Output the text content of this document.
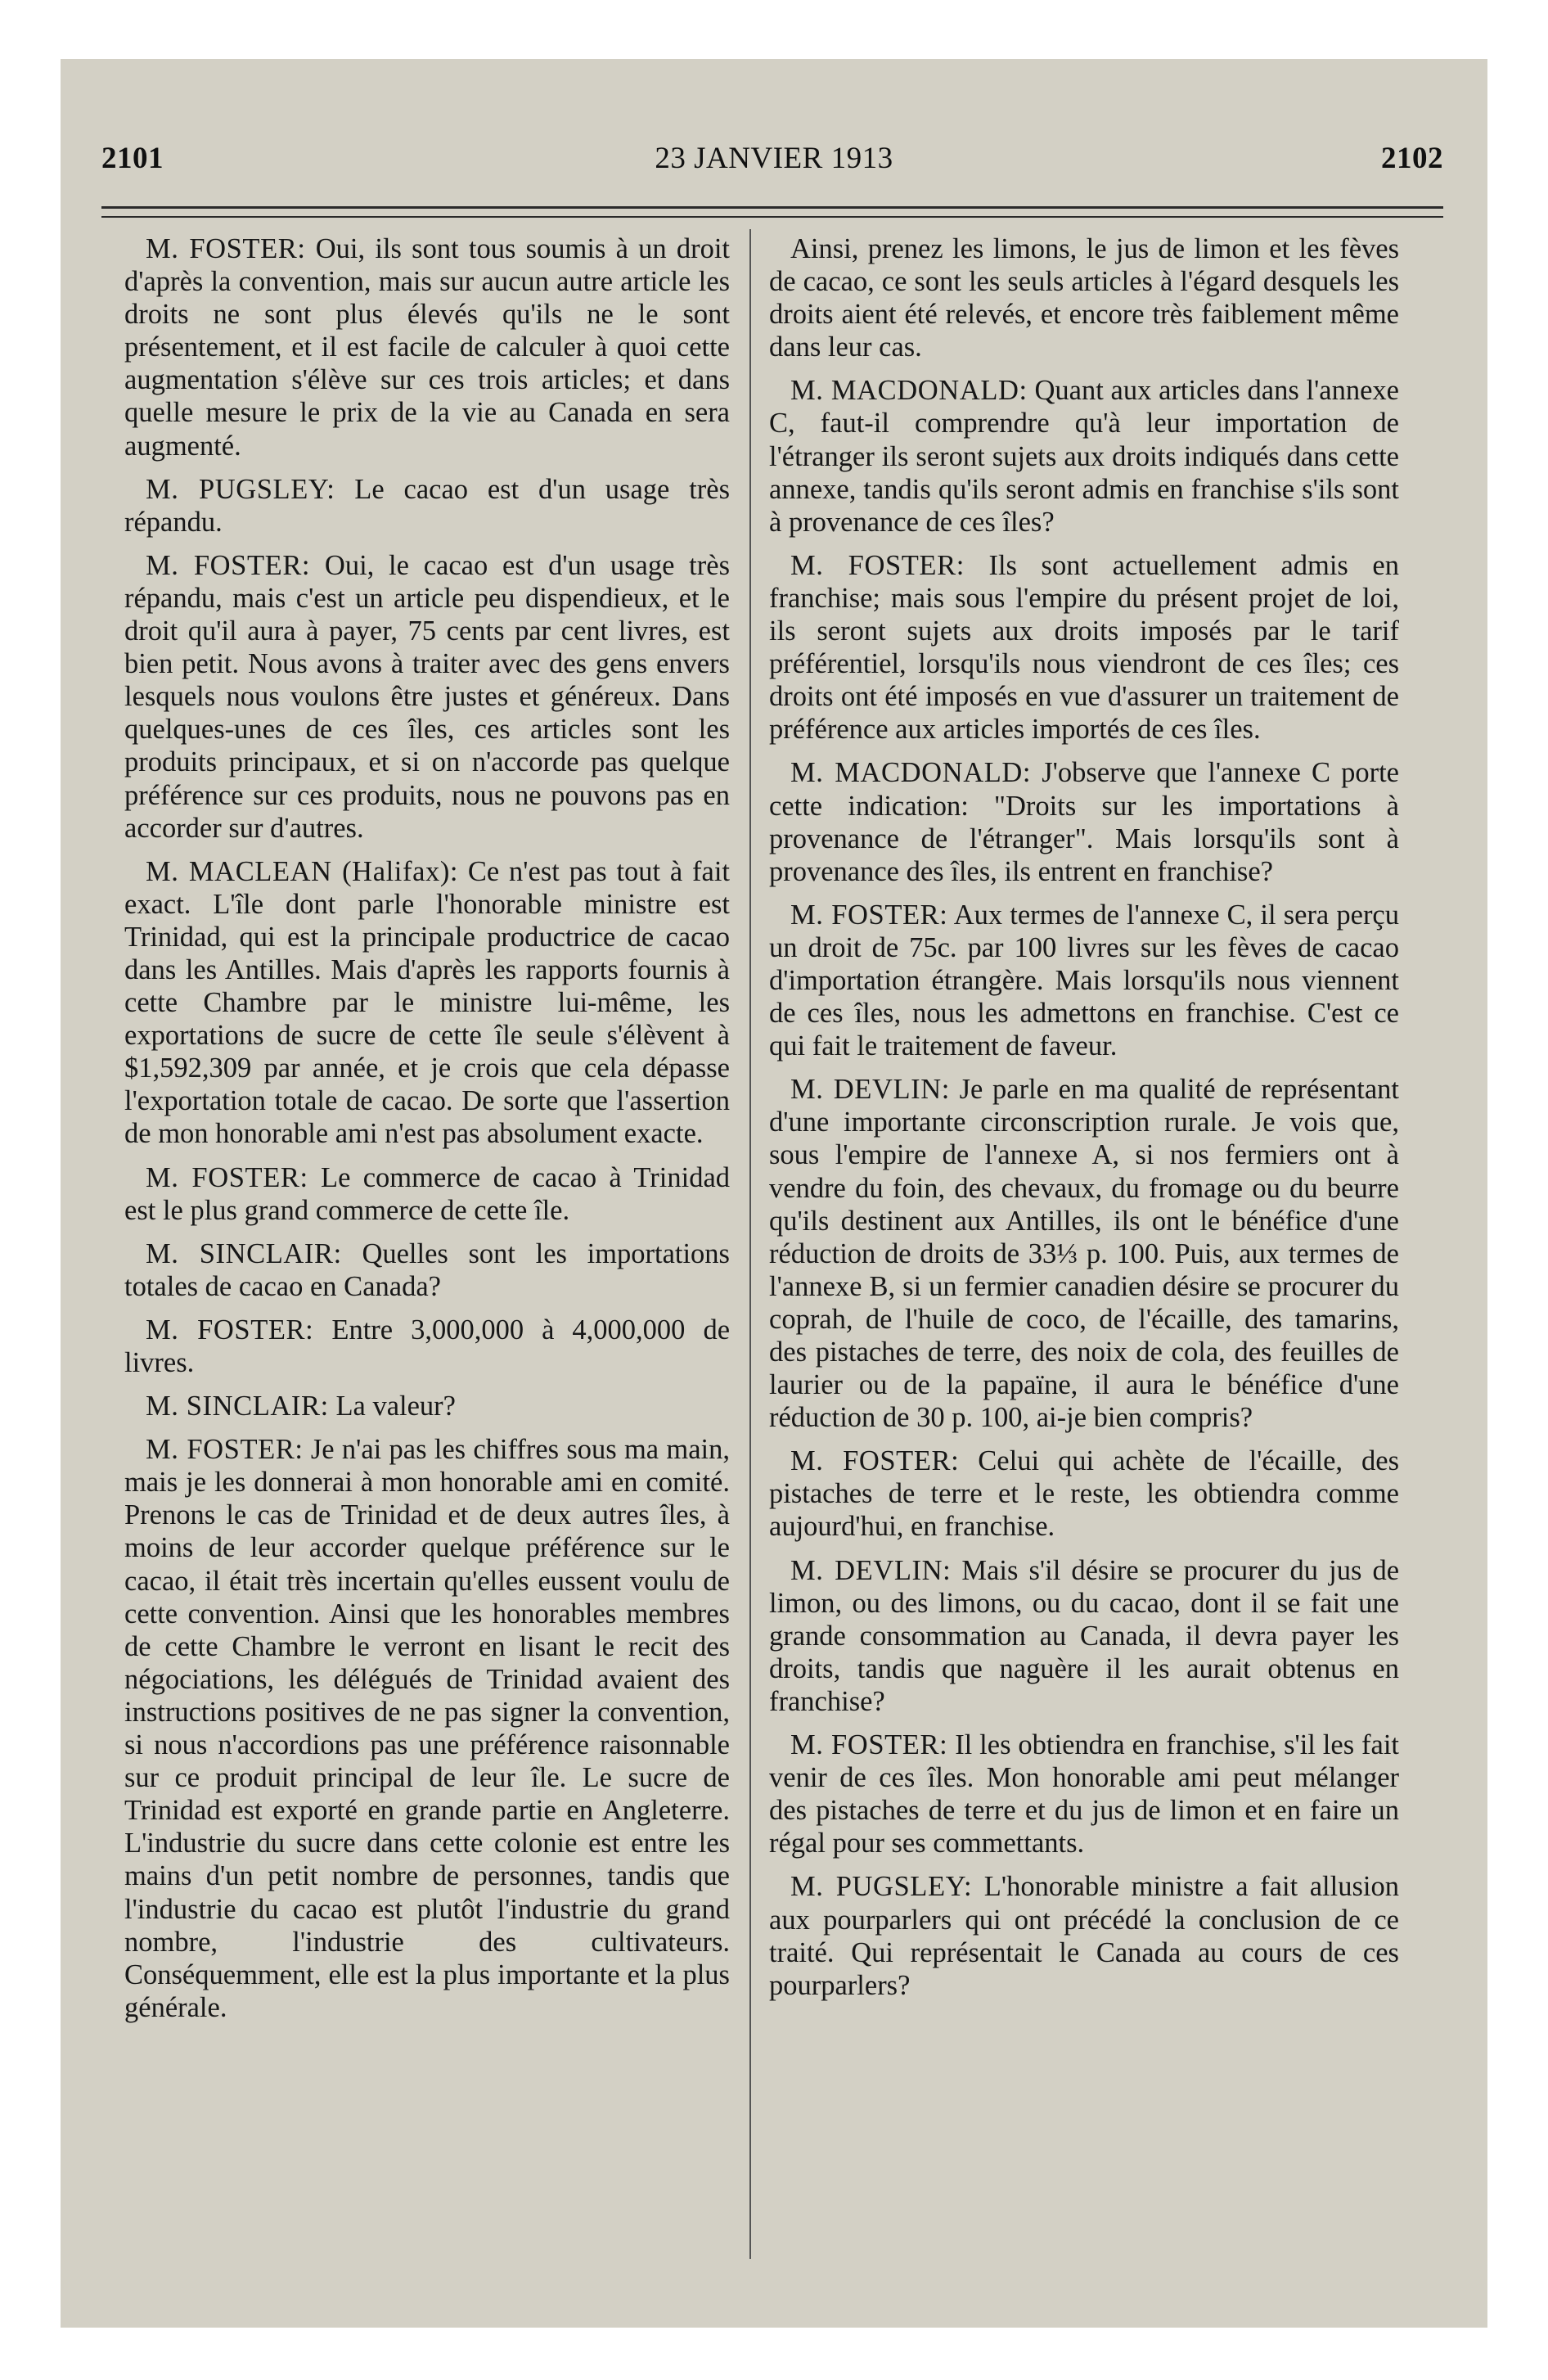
2101	23 JANVIER 1913	2102

M. FOSTER: Oui, ils sont tous soumis à un droit d'après la convention, mais sur aucun autre article les droits ne sont plus élevés qu'ils ne le sont présentement, et il est facile de calculer à quoi cette augmentation s'élève sur ces trois articles; et dans quelle mesure le prix de la vie au Canada en sera augmenté.

M. PUGSLEY: Le cacao est d'un usage très répandu.

M. FOSTER: Oui, le cacao est d'un usage très répandu, mais c'est un article peu dispendieux, et le droit qu'il aura à payer, 75 cents par cent livres, est bien petit. Nous avons à traiter avec des gens envers lesquels nous voulons être justes et généreux. Dans quelques-unes de ces îles, ces articles sont les produits principaux, et si on n'accorde pas quelque préférence sur ces produits, nous ne pouvons pas en accorder sur d'autres.

M. MACLEAN (Halifax): Ce n'est pas tout à fait exact. L'île dont parle l'honorable ministre est Trinidad, qui est la principale productrice de cacao dans les Antilles. Mais d'après les rapports fournis à cette Chambre par le ministre lui-même, les exportations de sucre de cette île seule s'élèvent à $1,592,309 par année, et je crois que cela dépasse l'exportation totale de cacao. De sorte que l'assertion de mon honorable ami n'est pas absolument exacte.

M. FOSTER: Le commerce de cacao à Trinidad est le plus grand commerce de cette île.

M. SINCLAIR: Quelles sont les importations totales de cacao en Canada?

M. FOSTER: Entre 3,000,000 à 4,000,000 de livres.

M. SINCLAIR: La valeur?

M. FOSTER: Je n'ai pas les chiffres sous ma main, mais je les donnerai à mon honorable ami en comité. Prenons le cas de Trinidad et de deux autres îles, à moins de leur accorder quelque préférence sur le cacao, il était très incertain qu'elles eussent voulu de cette convention. Ainsi que les honorables membres de cette Chambre le verront en lisant le recit des négociations, les délégués de Trinidad avaient des instructions positives de ne pas signer la convention, si nous n'accordions pas une préférence raisonnable sur ce produit principal de leur île. Le sucre de Trinidad est exporté en grande partie en Angleterre. L'industrie du sucre dans cette colonie est entre les mains d'un petit nombre de personnes, tandis que l'industrie du cacao est plutôt l'industrie du grand nombre, l'industrie des cultivateurs. Conséquemment, elle est la plus importante et la plus générale.

Ainsi, prenez les limons, le jus de limon et les fèves de cacao, ce sont les seuls articles à l'égard desquels les droits aient été relevés, et encore très faiblement même dans leur cas.

M. MACDONALD: Quant aux articles dans l'annexe C, faut-il comprendre qu'à leur importation de l'étranger ils seront sujets aux droits indiqués dans cette annexe, tandis qu'ils seront admis en franchise s'ils sont à provenance de ces îles?

M. FOSTER: Ils sont actuellement admis en franchise; mais sous l'empire du présent projet de loi, ils seront sujets aux droits imposés par le tarif préférentiel, lorsqu'ils nous viendront de ces îles; ces droits ont été imposés en vue d'assurer un traitement de préférence aux articles importés de ces îles.

M. MACDONALD: J'observe que l'annexe C porte cette indication: "Droits sur les importations à provenance de l'étranger". Mais lorsqu'ils sont à provenance des îles, ils entrent en franchise?

M. FOSTER: Aux termes de l'annexe C, il sera perçu un droit de 75c. par 100 livres sur les fèves de cacao d'importation étrangère. Mais lorsqu'ils nous viennent de ces îles, nous les admettons en franchise. C'est ce qui fait le traitement de faveur.

M. DEVLIN: Je parle en ma qualité de représentant d'une importante circonscription rurale. Je vois que, sous l'empire de l'annexe A, si nos fermiers ont à vendre du foin, des chevaux, du fromage ou du beurre qu'ils destinent aux Antilles, ils ont le bénéfice d'une réduction de droits de 33⅓ p. 100. Puis, aux termes de l'annexe B, si un fermier canadien désire se procurer du coprah, de l'huile de coco, de l'écaille, des tamarins, des pistaches de terre, des noix de cola, des feuilles de laurier ou de la papaïne, il aura le bénéfice d'une réduction de 30 p. 100, ai-je bien compris?

M. FOSTER: Celui qui achète de l'écaille, des pistaches de terre et le reste, les obtiendra comme aujourd'hui, en franchise.

M. DEVLIN: Mais s'il désire se procurer du jus de limon, ou des limons, ou du cacao, dont il se fait une grande consommation au Canada, il devra payer les droits, tandis que naguère il les aurait obtenus en franchise?

M. FOSTER: Il les obtiendra en franchise, s'il les fait venir de ces îles. Mon honorable ami peut mélanger des pistaches de terre et du jus de limon et en faire un régal pour ses commettants.

M. PUGSLEY: L'honorable ministre a fait allusion aux pourparlers qui ont précédé la conclusion de ce traité. Qui représentait le Canada au cours de ces pourparlers?
